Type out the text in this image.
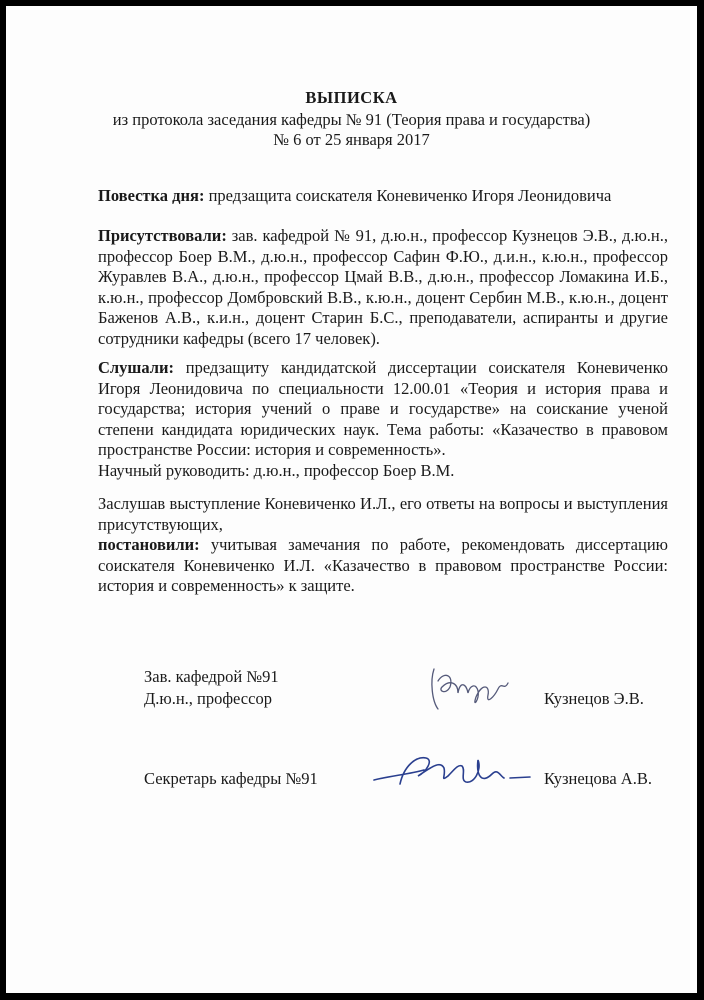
ВЫПИСКА
из протокола заседания кафедры № 91 (Теория права и государства)
№ 6 от 25 января 2017

Повестка дня: предзащита соискателя Коневиченко Игоря Леонидовича

Присутствовали: зав. кафедрой № 91, д.ю.н., профессор Кузнецов Э.В., д.ю.н., профессор Боер В.М., д.ю.н., профессор Сафин Ф.Ю., д.и.н., к.ю.н., профессор Журавлев В.А., д.ю.н., профессор Цмай В.В., д.ю.н., профессор Ломакина И.Б., к.ю.н., профессор Домбровский В.В., к.ю.н., доцент Сербин М.В., к.ю.н., доцент Баженов А.В., к.и.н., доцент Старин Б.С., преподаватели, аспиранты и другие сотрудники кафедры (всего 17 человек).

Слушали: предзащиту кандидатской диссертации соискателя Коневиченко Игоря Леонидовича по специальности 12.00.01 «Теория и история права и государства; история учений о праве и государстве» на соискание ученой степени кандидата юридических наук. Тема работы: «Казачество в правовом пространстве России: история и современность».

Научный руководить: д.ю.н., профессор Боер В.М.

Заслушав выступление Коневиченко И.Л., его ответы на вопросы и выступления присутствующих,

постановили: учитывая замечания по работе, рекомендовать диссертацию соискателя Коневиченко И.Л. «Казачество в правовом пространстве России: история и современность» к защите.

Зав. кафедрой №91
Д.ю.н., профессор	Кузнецов Э.В.
Секретарь кафедры №91	Кузнецова А.В.
